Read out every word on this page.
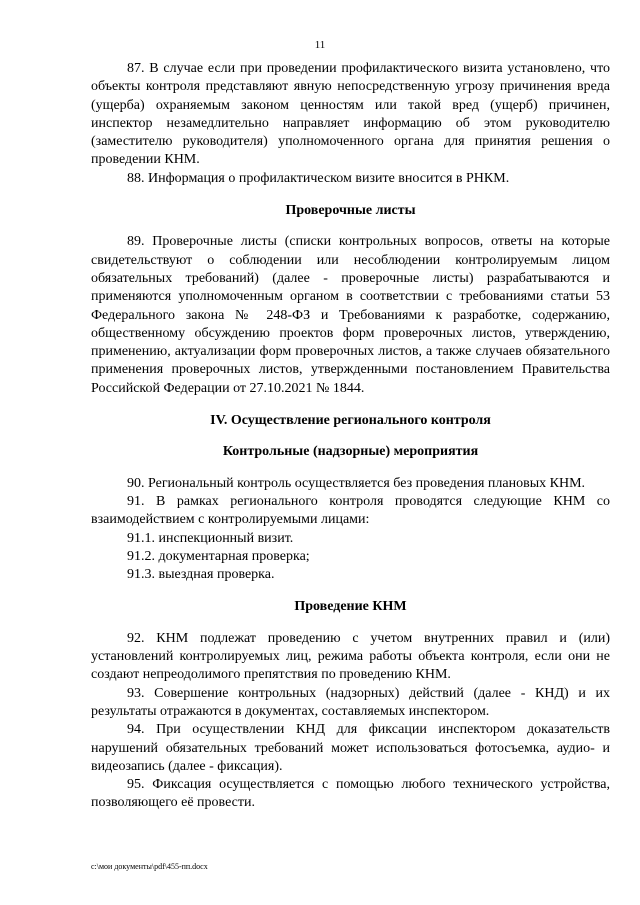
11

87. В случае если при проведении профилактического визита установлено, что объекты контроля представляют явную непосредственную угрозу причинения вреда (ущерба) охраняемым законом ценностям или такой вред (ущерб) причинен, инспектор незамедлительно направляет информацию об этом руководителю (заместителю руководителя) уполномоченного органа для принятия решения о проведении КНМ.

88. Информация о профилактическом визите вносится в РНКМ.

Проверочные листы

89. Проверочные листы (списки контрольных вопросов, ответы на которые свидетельствуют о соблюдении или несоблюдении контролируемым лицом обязательных требований) (далее - проверочные листы) разрабатываются и применяются уполномоченным органом в соответствии с требованиями статьи 53 Федерального закона № 248-ФЗ и Требованиями к разработке, содержанию, общественному обсуждению проектов форм проверочных листов, утверждению, применению, актуализации форм проверочных листов, а также случаев обязательного применения проверочных листов, утвержденными постановлением Правительства Российской Федерации от 27.10.2021 № 1844.

IV. Осуществление регионального контроля

Контрольные (надзорные) мероприятия

90. Региональный контроль осуществляется без проведения плановых КНМ.

91. В рамках регионального контроля проводятся следующие КНМ со взаимодействием с контролируемыми лицами:

91.1. инспекционный визит.

91.2. документарная проверка;

91.3. выездная проверка.

Проведение КНМ

92. КНМ подлежат проведению с учетом внутренних правил и (или) установлений контролируемых лиц, режима работы объекта контроля, если они не создают непреодолимого препятствия по проведению КНМ.

93. Совершение контрольных (надзорных) действий (далее - КНД) и их результаты отражаются в документах, составляемых инспектором.

94. При осуществлении КНД для фиксации инспектором доказательств нарушений обязательных требований может использоваться фотосъемка, аудио- и видеозапись (далее - фиксация).

95. Фиксация осуществляется с помощью любого технического устройства, позволяющего её провести.

c:\мои документы\pdf\455-пп.docx
